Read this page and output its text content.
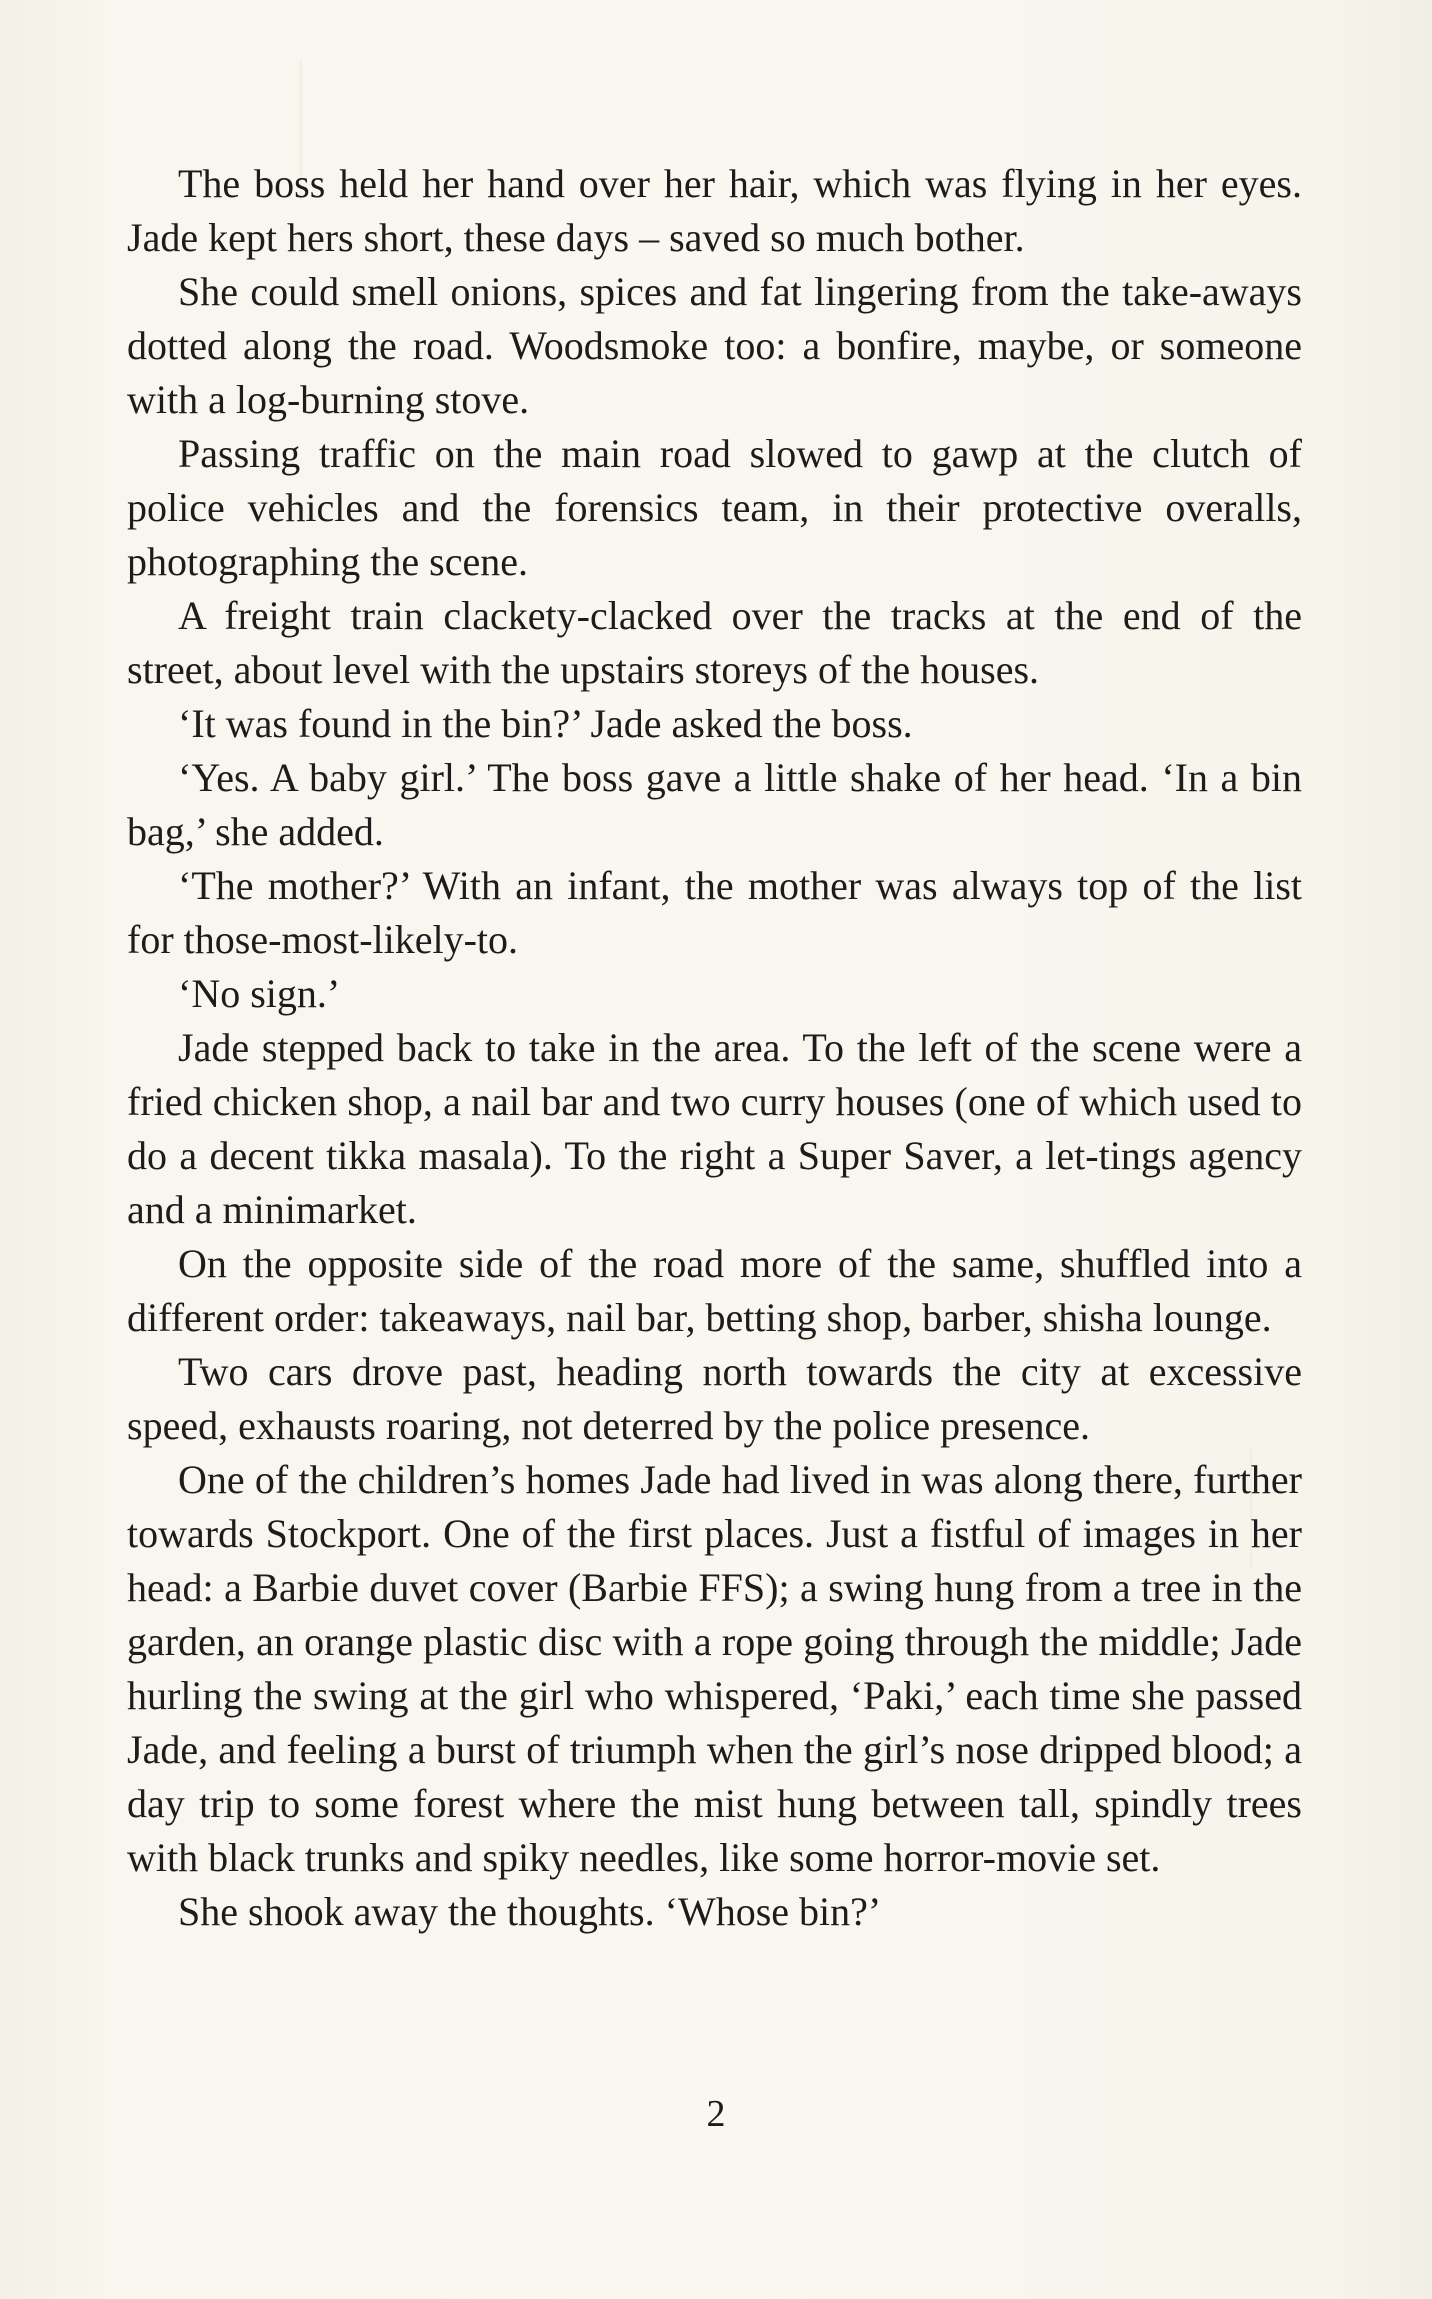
The boss held her hand over her hair, which was flying in her eyes. Jade kept hers short, these days – saved so much bother.

She could smell onions, spices and fat lingering from the take-aways dotted along the road. Woodsmoke too: a bonfire, maybe, or someone with a log-burning stove.

Passing traffic on the main road slowed to gawp at the clutch of police vehicles and the forensics team, in their protective overalls, photographing the scene.

A freight train clackety-clacked over the tracks at the end of the street, about level with the upstairs storeys of the houses.

‘It was found in the bin?’ Jade asked the boss.

‘Yes. A baby girl.’ The boss gave a little shake of her head. ‘In a bin bag,’ she added.

‘The mother?’ With an infant, the mother was always top of the list for those-most-likely-to.

‘No sign.’

Jade stepped back to take in the area. To the left of the scene were a fried chicken shop, a nail bar and two curry houses (one of which used to do a decent tikka masala). To the right a Super Saver, a let-tings agency and a minimarket.

On the opposite side of the road more of the same, shuffled into a different order: takeaways, nail bar, betting shop, barber, shisha lounge.

Two cars drove past, heading north towards the city at excessive speed, exhausts roaring, not deterred by the police presence.

One of the children’s homes Jade had lived in was along there, further towards Stockport. One of the first places. Just a fistful of images in her head: a Barbie duvet cover (Barbie FFS); a swing hung from a tree in the garden, an orange plastic disc with a rope going through the middle; Jade hurling the swing at the girl who whispered, ‘Paki,’ each time she passed Jade, and feeling a burst of triumph when the girl’s nose dripped blood; a day trip to some forest where the mist hung between tall, spindly trees with black trunks and spiky needles, like some horror-movie set.

She shook away the thoughts. ‘Whose bin?’

2
